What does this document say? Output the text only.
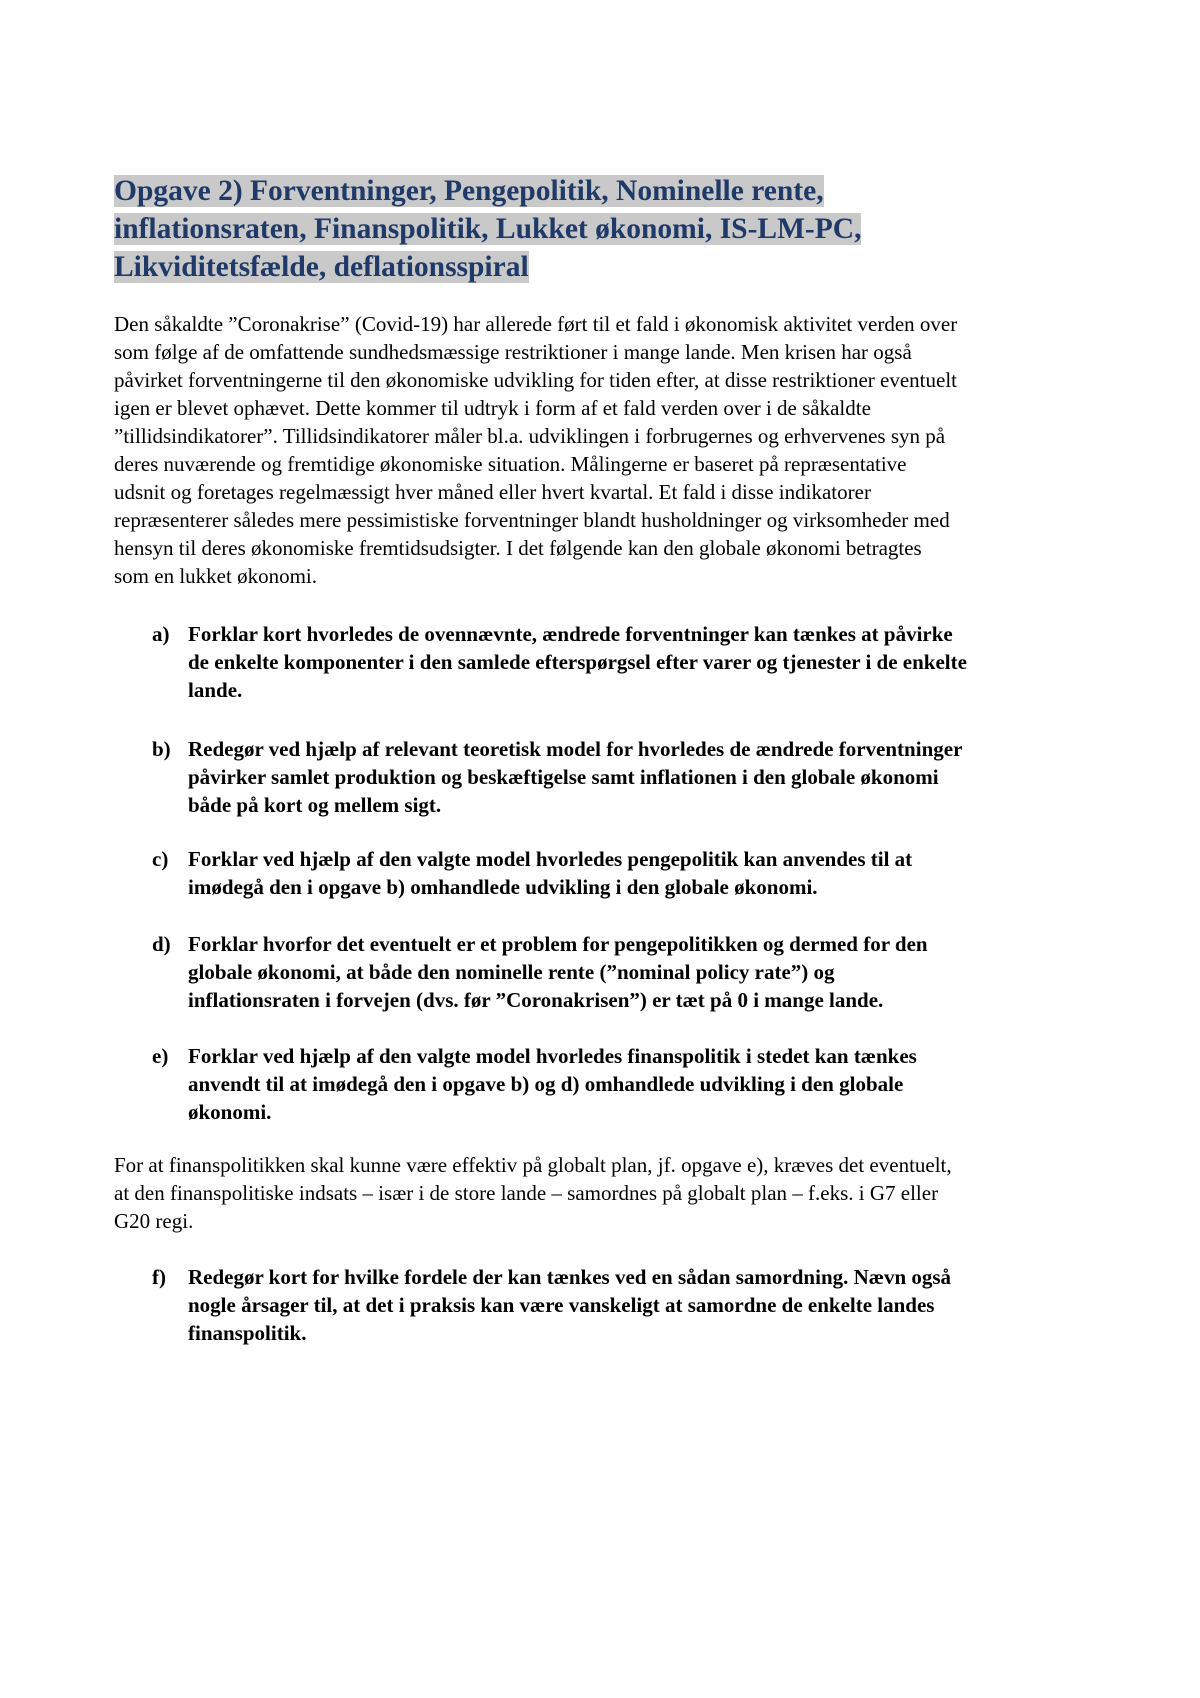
Opgave 2) Forventninger, Pengepolitik, Nominelle rente,
inflationsraten, Finanspolitik, Lukket økonomi, IS-LM-PC,
Likviditetsfælde, deflationsspiral

Den såkaldte ”Coronakrise” (Covid-19) har allerede ført til et fald i økonomisk aktivitet verden over
som følge af de omfattende sundhedsmæssige restriktioner i mange lande. Men krisen har også
påvirket forventningerne til den økonomiske udvikling for tiden efter, at disse restriktioner eventuelt
igen er blevet ophævet. Dette kommer til udtryk i form af et fald verden over i de såkaldte
”tillidsindikatorer”. Tillidsindikatorer måler bl.a. udviklingen i forbrugernes og erhvervenes syn på
deres nuværende og fremtidige økonomiske situation. Målingerne er baseret på repræsentative
udsnit og foretages regelmæssigt hver måned eller hvert kvartal. Et fald i disse indikatorer
repræsenterer således mere pessimistiske forventninger blandt husholdninger og virksomheder med
hensyn til deres økonomiske fremtidsudsigter. I det følgende kan den globale økonomi betragtes
som en lukket økonomi.

a) Forklar kort hvorledes de ovennævnte, ændrede forventninger kan tænkes at påvirke
de enkelte komponenter i den samlede efterspørgsel efter varer og tjenester i de enkelte
lande.
b) Redegør ved hjælp af relevant teoretisk model for hvorledes de ændrede forventninger
påvirker samlet produktion og beskæftigelse samt inflationen i den globale økonomi
både på kort og mellem sigt.
c) Forklar ved hjælp af den valgte model hvorledes pengepolitik kan anvendes til at
imødegå den i opgave b) omhandlede udvikling i den globale økonomi.
d) Forklar hvorfor det eventuelt er et problem for pengepolitikken og dermed for den
globale økonomi, at både den nominelle rente (”nominal policy rate”) og
inflationsraten i forvejen (dvs. før ”Coronakrisen”) er tæt på 0 i mange lande.
e) Forklar ved hjælp af den valgte model hvorledes finanspolitik i stedet kan tænkes
anvendt til at imødegå den i opgave b) og d) omhandlede udvikling i den globale
økonomi.

For at finanspolitikken skal kunne være effektiv på globalt plan, jf. opgave e), kræves det eventuelt,
at den finanspolitiske indsats – især i de store lande – samordnes på globalt plan – f.eks. i G7 eller
G20 regi.

f)	Redegør kort for hvilke fordele der kan tænkes ved en sådan samordning. Nævn også
nogle årsager til, at det i praksis kan være vanskeligt at samordne de enkelte landes
finanspolitik.
